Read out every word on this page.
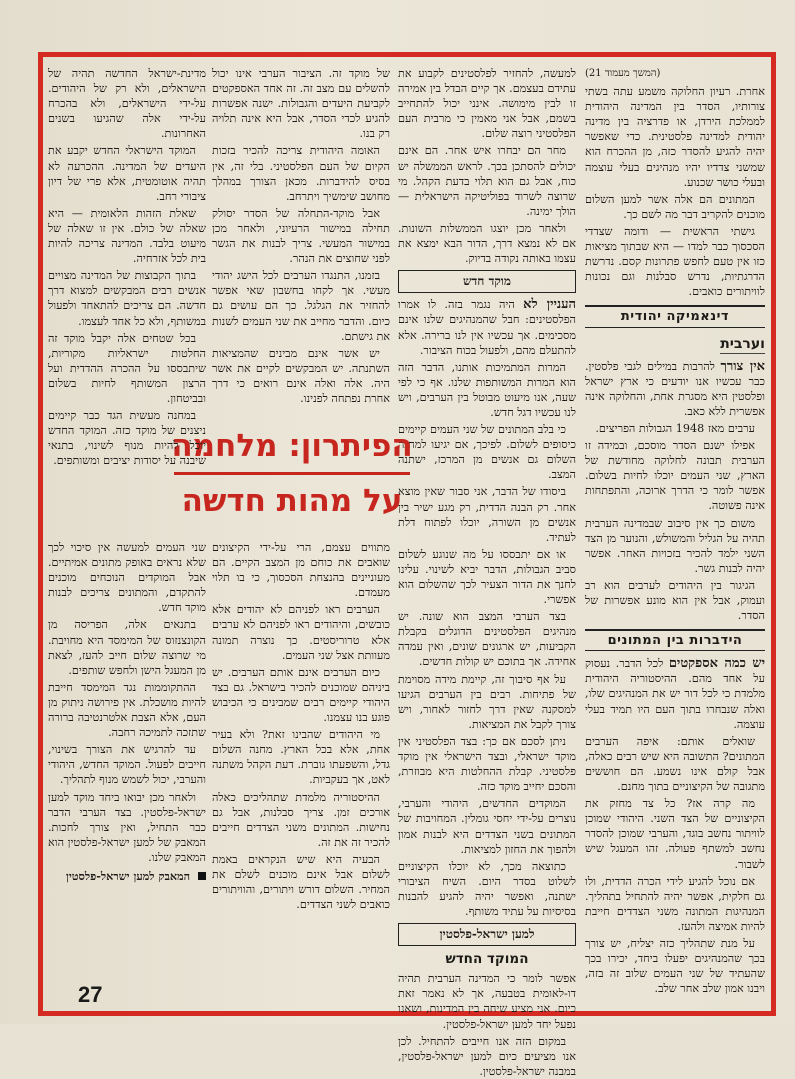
(המשך מעמוד 21)

אחרת. רעיון החלוקה משמע עתה בשתי צורותיו, הסדר בין המדינה היהודית לממלכת הירדן, או פדרציה בין מדינה יהודית למדינה פלסטינית. כדי שאפשר יהיה להגיע להסדר כזה, מן ההכרח הוא שמשני צדדיו יהיו מנהיגים בעלי עוצמה ובעלי כושר שכנוע.

המתונים הם אלה אשר למען השלום מוכנים להקריב דבר מה לשם כך.

גישתי הראשית — ודומה שצדדי הסכסוך כבר למדו — היא שבתוך מציאות כזו אין טעם לחפש פתרונות קסם. נדרשת הדרגתיות, נדרש סבלנות וגם נכונות לוויתורים כואבים.

דינאמיקה יהודית
וערבית

אין צורך להרבות במילים לגבי פלסטין. כבר עכשיו אנו יודעים כי ארץ ישראל ופלסטין היא מסגרת אחת, והחלוקה אינה אפשרית ללא כאב.

ערבים מאז 1948 הגבולות הפריצים.

אפילו ישנם הסדר מוסכם, ובמידה זו הערבית תבונה לחלוקה מחודשת של הארץ, שני העמים יוכלו לחיות בשלום. אפשר לומר כי הדרך ארוכה, והתפתחות אינה פשוטה.

משום כך אין סיבוב שבמדינה הערבית תהיה על הגליל והמשולש, והנוער מן הצד השני ילמד להכיר בזכויות האחר. אפשר יהיה לבנות גשר.

הגיגור בין היהודים לערבים הוא רב ועמוק, אבל אין הוא מונע אפשרות של הסדר.

הידברות בין המתונים

יש כמה אספקטים לכל הדבר. נעסוק על אחד מהם. ההיסטוריה היהודית מלמדת כי לכל דור יש את המנהיגים שלו, ואלה שנבחרו בתוך העם היו תמיד בעלי עוצמה.

שואלים אותם: איפה הערבים המתונים? התשובה היא שיש רבים כאלה, אבל קולם אינו נשמע. הם חוששים מתגובה של הקיצוניים בתוך מחנם.

מה קרה אז? כל צד מחזק את הקיצוניים של הצד השני. היהודי שמוכן לוויתור נחשב בוגד, והערבי שמוכן להסדר נחשב למשתף פעולה. זהו המעגל שיש לשבור.

אם נוכל להגיע לידי הכרה הדדית, ולו גם חלקית, אפשר יהיה להתחיל בתהליך. המנהיגות המתונה משני הצדדים חייבת להיות אמיצה ולהעז.

על מנת שתהליך כזה יצליח, יש צורך בכך שהמנהיגים יפעלו ביחד, יכירו בכך שהעתיד של שני העמים שלוב זה בזה, ויבנו אמון שלב אחר שלב.

למעשה, להחזיר לפלסטינים לקבוע את עתידם בעצמם. אך קיים הבדל בין אמירה זו לבין מימושה. אינני יכול להתחייב בשמם, אבל אני מאמין כי מרבית העם הפלסטיני רוצה שלום.

מחר הם יבחרו איש אחר. הם אינם יכולים להסתכן בכך. לראש הממשלה יש כוח, אבל גם הוא תלוי בדעת הקהל. מי שרוצה לשרוד בפוליטיקה הישראלית — הולך ימינה.

ולאחר מכן יוצגו הממשלות השונות. אם לא נמצא דרך, הדור הבא ימצא את עצמו באותה נקודה בדיוק.

מוקד חדש

העניין לא היה נגמר בזה. לו אמרו הפלסטינים: חבל שהמנהיגים שלנו אינם מסכימים. אך עכשיו אין לנו ברירה. אלא להתעלם מהם, ולפעול בכוח הציבור.

המרות המתמיכות אותנו, הדבר הזה הוא המרות המשותפות שלנו. אף כי לפי שעה, אנו מיעוט מבוטל בין הערבים, ויש לנו עכשיו דגל חדש.

כי בלב המתונים של שני העמים קיימים כיסופים לשלום. לפיכך, אם יגיעו למחנה השלום גם אנשים מן המרכז, ישתנה המצב.

ביסודו של הדבר, אני סבור שאין מוצא אחר. רק הבנה הדדית, רק מגע ישיר בין אנשים מן השורה, יוכלו לפתוח דלת לעתיד.

או אם יתבססו על מה שנוגע לשלום סביב הגבולות, הדבר יביא לשינוי. עלינו לחנך את הדור הצעיר לכך שהשלום הוא אפשרי.

בצד הערבי המצב הוא שונה. יש מנהיגים הפלסטינים הדוגלים בקבלת הקביעות, יש ארגונים שונים, ואין עמדה אחידה. אך בתוכם יש קולות חדשים.

על אף סיבוך זה, קיימת מידה מסוימת של פתיחות. רבים בין הערבים הגיעו למסקנה שאין דרך לחזור לאחור, ויש צורך לקבל את המציאות.

ניתן לסכם אם כך: בצד הפלסטיני אין מוקד ישראלי, ובצד הישראלי אין מוקד פלסטיני. קבלת ההחלטות היא מבוזרת, והסכם יחייב מוקד כזה.

המוקדים החדשים, היהודי והערבי, נוצרים על-ידי יחסי גומלין. המחויבות של המתונים בשני הצדדים היא לבנות אמון ולהפוך את החזון למציאות.

כתוצאה מכך, לא יוכלו הקיצוניים לשלוט בסדר היום. השיח הציבורי ישתנה, ואפשר יהיה להגיע להבנות בסיסיות על עתיד משותף.

למען ישראל-פלסטין
המוקד החדש

אפשר לומר כי המדינה הערבית תהיה דו-לאומית בטבעה, אך לא נאמר זאת כיום. אני מציע שיחה בין המדינות, ושאנו נפעל יחד למען ישראל-פלסטין.

במקום הזה אנו חייבים להתחיל. לכן אנו מציעים כיום למען ישראל-פלסטין, במבנה ישראל-פלסטין.

של מוקד זה. הציבור הערבי אינו יכול להשלים עם מצב זה. זה אחד האספקטים לקביעת היעדים והגבולות. ישנה אפשרות להגיע לכדי הסדר, אבל היא אינה תלויה רק בנו.

האומה היהודית צריכה להכיר בזכות הקיום של העם הפלסטיני. בלי זה, אין בסיס להידברות. מכאן הצורך במהלך מחושב שימשיך ויתרחב.

אבל מוקד-התחלה של הסדר יסולק תחילה במישור הרעיוני, ולאחר מכן במישור המעשי. צריך לבנות את הגשר לפני שחוצים את הנהר.

בזמנו, התנגדו הערבים לכל הישג יהודי מעשי. אך לקחו בחשבון שאי אפשר להחזיר את הגלגל. כך הם עושים גם כיום. והדבר מחייב את שני העמים לשנות את גישתם.

יש אשר אינם מבינים שהמציאות השתנתה. יש המבקשים לקיים את אשר היה. אלה ואלה אינם רואים כי דרך אחרת נפתחה לפנינו.

הפיתרון: מלחמה
על מהות חדשה

מתווים עצמם, הרי על-ידי הקיצונים שואבים את כוחם מן המצב הקיים. הם מעוניינים בהנצחת הסכסוך, כי בו תלוי מעמדם.

הערבים ראו לפניהם לא יהודים אלא כובשים, והיהודים ראו לפניהם לא ערבים אלא טרוריסטים. כך נוצרה תמונה מעוותת אצל שני העמים.

כיום הערבים אינם אותם הערבים. יש ביניהם שמוכנים להכיר בישראל. גם בצד היהודי קיימים רבים שמבינים כי הכיבוש פוגע בנו עצמנו.

מי היהודים שהבינו זאת? ולא בעיר אחת, אלא בכל הארץ. מחנה השלום גדל, והשפעתו גוברת. דעת הקהל משתנה לאט, אך בעקביות.

ההיסטוריה מלמדת שתהליכים כאלה אורכים זמן. צריך סבלנות, אבל גם נחישות. המתונים משני הצדדים חייבים להכיר זה את זה.

הבעיה היא שיש הנקראים באמת לשלום אבל אינם מוכנים לשלם את המחיר. השלום דורש ויתורים, והוויתורים כואבים לשני הצדדים.

מדינת-ישראל החדשה תהיה של הישראלים, ולא רק של היהודים. על-ידי הישראלים, ולא בהכרח על-ידי אלה שהגיעו בשנים האחרונות.

המוקד הישראלי החדש יקבע את היעדים של המדינה. ההכרעה לא תהיה אוטומטית, אלא פרי של דיון ציבורי רחב.

שאלת הזהות הלאומית — היא שאלה של כולם. אין זו שאלה של מיעוט בלבד. המדינה צריכה להיות בית לכל אזרחיה.

בתוך הקבוצות של המדינה מצויים אנשים רבים המבקשים למצוא דרך חדשה. הם צריכים להתאחד ולפעול במשותף, ולא כל אחד לעצמו.

בכל שטחים אלה יקבל מוקד זה החלטות ישראליות מקוריות, שיתבססו על ההכרה ההדדית ועל הרצון המשותף לחיות בשלום ובביטחון.

במחנה מעשית הגד כבר קיימים ניצנים של מוקד כזה. המוקד החדש יוכל להיות מנוף לשינוי, בתנאי שיבנה על יסודות יציבים ומשותפים.

שני העמים למעשה אין סיכוי לכך שלא נראים באופק מתונים אמיתיים. אבל המוקדים הנוכחים מוכנים להתקדם, והמתונים צריכים לבנות מוקד חדש.

בתנאים אלה, הפריסה מן הקונצנזוס של המימסד היא מחויבת. מי שרוצה שלום חייב להעז, לצאת מן המעגל הישן ולחפש שותפים.

ההתקוממות נגד המימסד חייבת להיות מושכלת. אין פירושה ניתוק מן העם, אלא הצבת אלטרנטיבה ברורה שתזכה לתמיכה רחבה.

עד להרגיש את הצורך בשינוי, חייבים לפעול. המוקד החדש, היהודי והערבי, יכול לשמש מנוף לתהליך.

ולאחר מכן יבואו ביחד מוקד למען ישראל-פלסטין. בצד הערבי הדבר כבר התחיל, ואין צורך לחכות. המאבק של למען ישראל-פלסטין הוא המאבק שלנו.

המאבק למען ישראל-פלסטין
27
